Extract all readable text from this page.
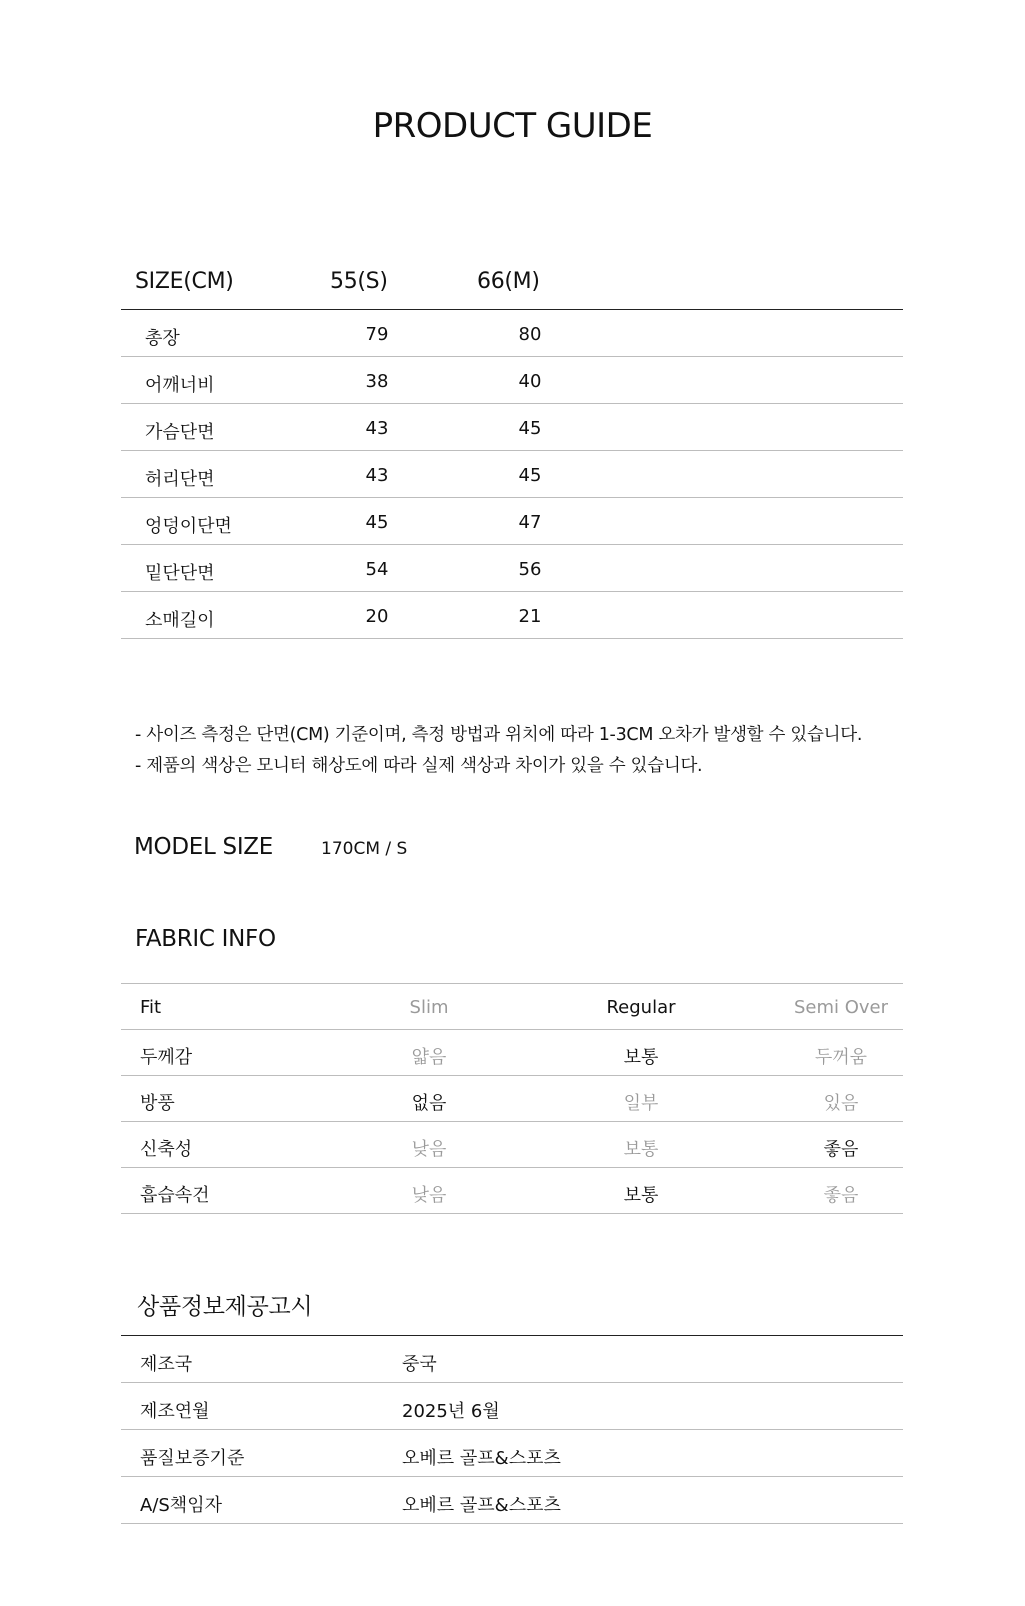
PRODUCT GUIDE
SIZE(CM)	55(S)	66(M)
총장	79	80
어깨너비	38	40
가슴단면	43	45
허리단면	43	45
엉덩이단면	45	47
밑단단면	54	56
소매길이	20	21
- 사이즈 측정은 단면(CM) 기준이며, 측정 방법과 위치에 따라 1-3CM 오차가 발생할 수 있습니다.
- 제품의 색상은 모니터 해상도에 따라 실제 색상과 차이가 있을 수 있습니다.
MODEL SIZE	170CM / S
FABRIC INFO
Fit	Slim	Regular	Semi Over
두께감	얇음	보통	두꺼움
방풍	없음	일부	있음
신축성	낮음	보통	좋음
흡습속건	낮음	보통	좋음
상품정보제공고시
제조국	중국
제조연월	2025년 6월
품질보증기준	오베르 골프&스포츠
A/S책임자	오베르 골프&스포츠
